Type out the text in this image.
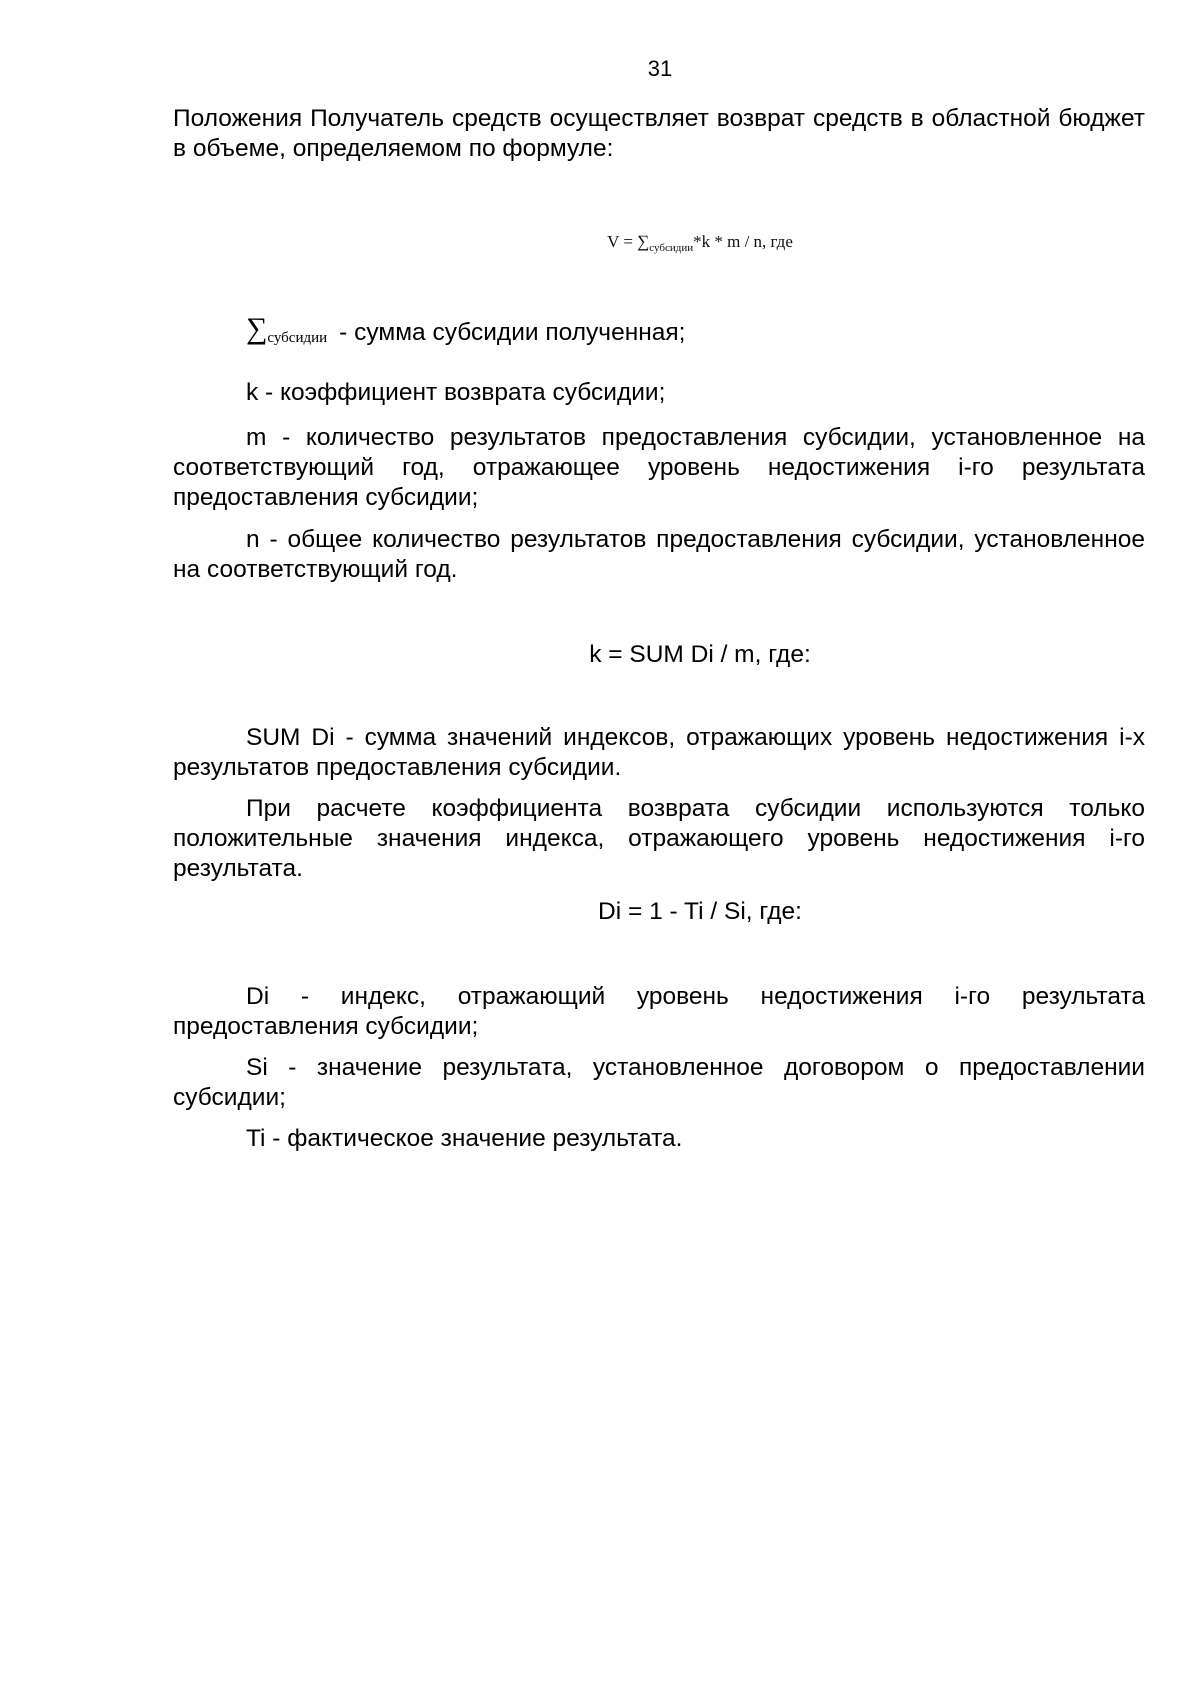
31

Положения Получатель средств осуществляет возврат средств в областной бюджет в объеме, определяемом по формуле:

$V = \sum_{субсидии}*k * m / n$, где

∑субсидии - сумма субсидии полученная;

k - коэффициент возврата субсидии;

m - количество результатов предоставления субсидии, установленное на соответствующий год, отражающее уровень недостижения i-го результата предоставления субсидии;

n - общее количество результатов предоставления субсидии, установленное на соответствующий год.

k = SUM Di / m, где:

SUM Di - сумма значений индексов, отражающих уровень недостижения i-х результатов предоставления субсидии.

При расчете коэффициента возврата субсидии используются только положительные значения индекса, отражающего уровень недостижения i-го результата.

Di = 1 - Ti / Si, где:

Di - индекс, отражающий уровень недостижения i-го результата предоставления субсидии;

Si - значение результата, установленное договором о предоставлении субсидии;

Ti - фактическое значение результата.
